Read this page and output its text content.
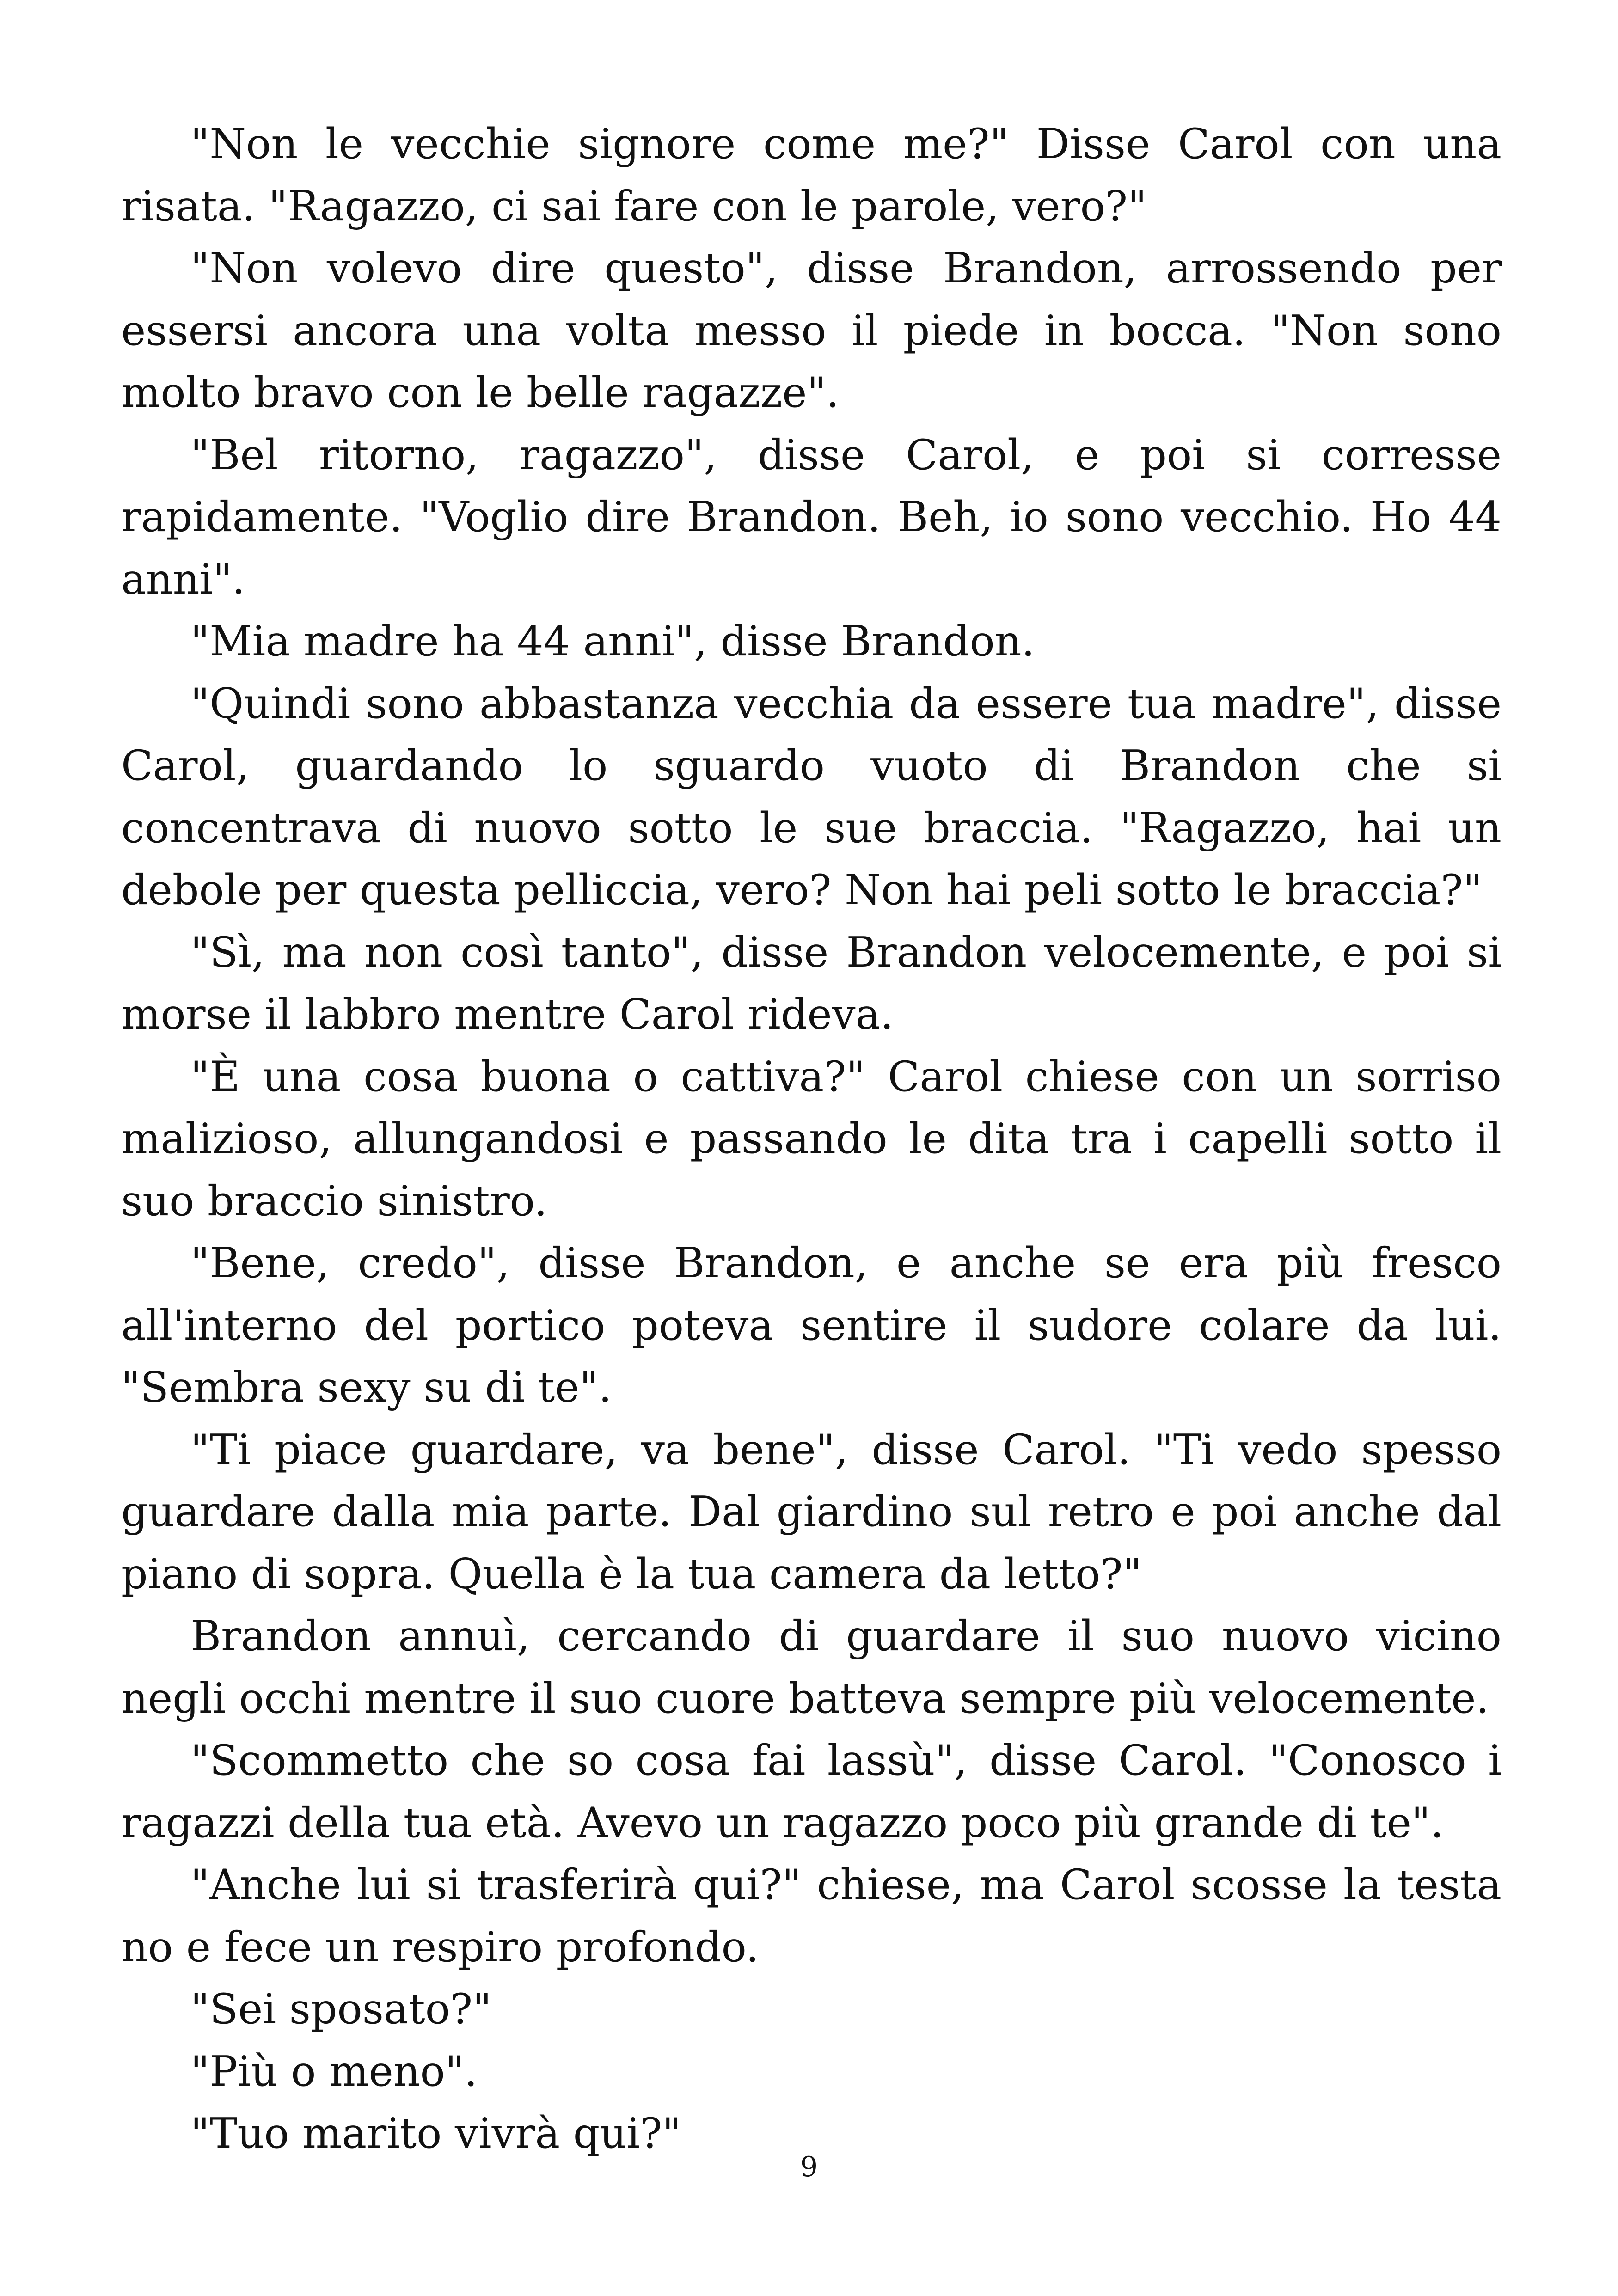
"Non le vecchie signore come me?" Disse Carol con una risata. "Ragazzo, ci sai fare con le parole, vero?"

"Non volevo dire questo", disse Brandon, arrossendo per essersi ancora una volta messo il piede in bocca. "Non sono molto bravo con le belle ragazze".

"Bel ritorno, ragazzo", disse Carol, e poi si corresse rapidamente. "Voglio dire Brandon. Beh, io sono vecchio. Ho 44 anni".

"Mia madre ha 44 anni", disse Brandon.

"Quindi sono abbastanza vecchia da essere tua madre", disse Carol, guardando lo sguardo vuoto di Brandon che si concentrava di nuovo sotto le sue braccia. "Ragazzo, hai un debole per questa pelliccia, vero? Non hai peli sotto le braccia?"

"Sì, ma non così tanto", disse Brandon velocemente, e poi si morse il labbro mentre Carol rideva.

"È una cosa buona o cattiva?" Carol chiese con un sorriso malizioso, allungandosi e passando le dita tra i capelli sotto il suo braccio sinistro.

"Bene, credo", disse Brandon, e anche se era più fresco all'interno del portico poteva sentire il sudore colare da lui. "Sembra sexy su di te".

"Ti piace guardare, va bene", disse Carol. "Ti vedo spesso guardare dalla mia parte. Dal giardino sul retro e poi anche dal piano di sopra. Quella è la tua camera da letto?"

Brandon annuì, cercando di guardare il suo nuovo vicino negli occhi mentre il suo cuore batteva sempre più velocemente.

"Scommetto che so cosa fai lassù", disse Carol. "Conosco i ragazzi della tua età. Avevo un ragazzo poco più grande di te".

"Anche lui si trasferirà qui?" chiese, ma Carol scosse la testa no e fece un respiro profondo.

"Sei sposato?"

"Più o meno".

"Tuo marito vivrà qui?"

9
